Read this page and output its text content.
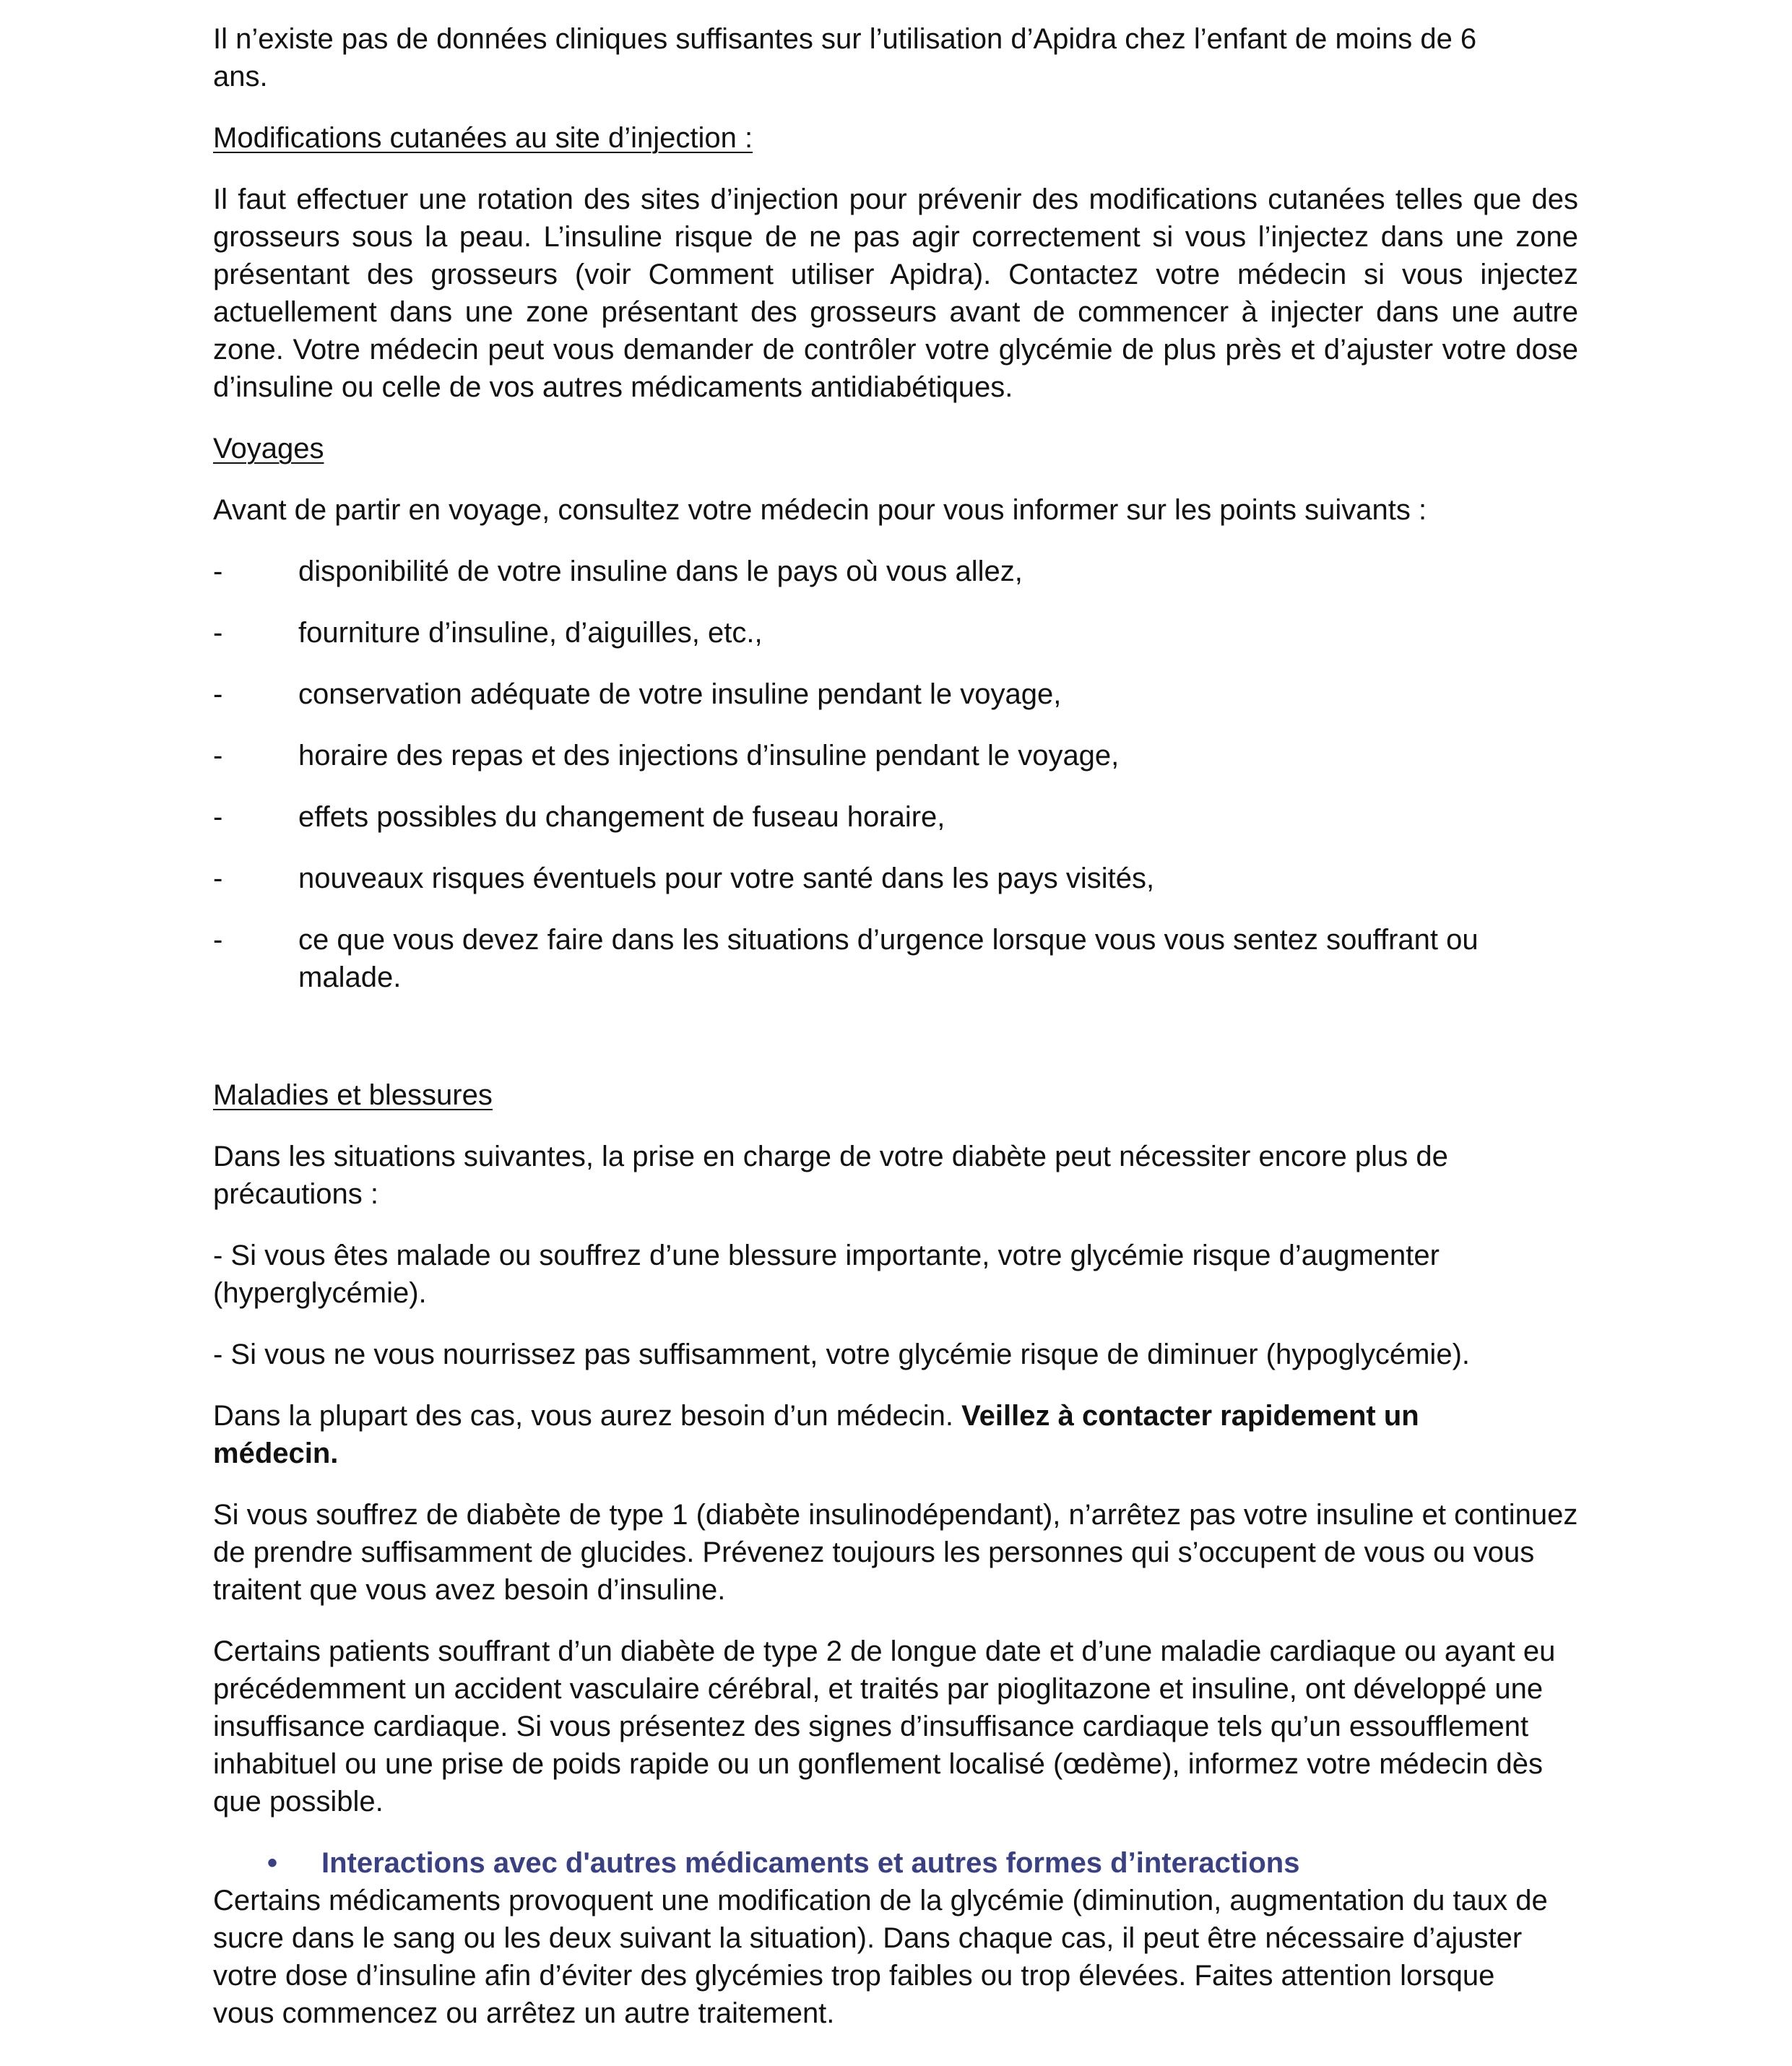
Il n’existe pas de données cliniques suffisantes sur l’utilisation d’Apidra chez l’enfant de moins de 6 ans.

Modifications cutanées au site d’injection :

Il faut effectuer une rotation des sites d’injection pour prévenir des modifications cutanées telles que des grosseurs sous la peau. L’insuline risque de ne pas agir correctement si vous l’injectez dans une zone présentant des grosseurs (voir Comment utiliser Apidra). Contactez votre médecin si vous injectez actuellement dans une zone présentant des grosseurs avant de commencer à injecter dans une autre zone. Votre médecin peut vous demander de contrôler votre glycémie de plus près et d’ajuster votre dose d’insuline ou celle de vos autres médicaments antidiabétiques.

Voyages

Avant de partir en voyage, consultez votre médecin pour vous informer sur les points suivants :

-	disponibilité de votre insuline dans le pays où vous allez,
-	fourniture d’insuline, d’aiguilles, etc.,
-	conservation adéquate de votre insuline pendant le voyage,
-	horaire des repas et des injections d’insuline pendant le voyage,
-	effets possibles du changement de fuseau horaire,
-	nouveaux risques éventuels pour votre santé dans les pays visités,
-	ce que vous devez faire dans les situations d’urgence lorsque vous vous sentez souffrant ou malade.

Maladies et blessures

Dans les situations suivantes, la prise en charge de votre diabète peut nécessiter encore plus de précautions :

- Si vous êtes malade ou souffrez d’une blessure importante, votre glycémie risque d’augmenter (hyperglycémie).

- Si vous ne vous nourrissez pas suffisamment, votre glycémie risque de diminuer (hypoglycémie).

Dans la plupart des cas, vous aurez besoin d’un médecin. Veillez à contacter rapidement un médecin.

Si vous souffrez de diabète de type 1 (diabète insulinodépendant), n’arrêtez pas votre insuline et continuez de prendre suffisamment de glucides. Prévenez toujours les personnes qui s’occupent de vous ou vous traitent que vous avez besoin d’insuline.

Certains patients souffrant d’un diabète de type 2 de longue date et d’une maladie cardiaque ou ayant eu précédemment un accident vasculaire cérébral, et traités par pioglitazone et insuline, ont développé une insuffisance cardiaque. Si vous présentez des signes d’insuffisance cardiaque tels qu’un essoufflement inhabituel ou une prise de poids rapide ou un gonflement localisé (œdème), informez votre médecin dès que possible.

•	Interactions avec d'autres médicaments et autres formes d’interactions

Certains médicaments provoquent une modification de la glycémie (diminution, augmentation du taux de sucre dans le sang ou les deux suivant la situation). Dans chaque cas, il peut être nécessaire d’ajuster votre dose d’insuline afin d’éviter des glycémies trop faibles ou trop élevées. Faites attention lorsque vous commencez ou arrêtez un autre traitement.
